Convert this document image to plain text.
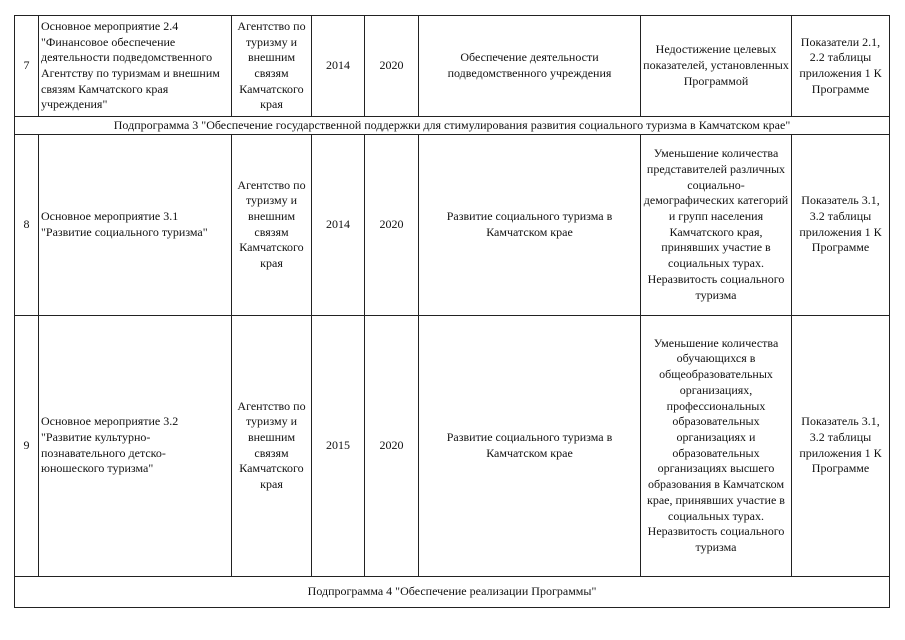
7	Основное мероприятие 2.4 "Финансовое обеспечение деятельности подведомственного Агентству по туризмам и внешним связям Камчатского края учреждения"	Агентство по туризму и внешним связям Камчатского края	2014	2020	Обеспечение деятельности подведомственного учреждения	Недостижение целевых показателей, установленных Программой	Показатели 2.1, 2.2 таблицы приложения 1 К Программе
Подпрограмма 3 "Обеспечение государственной поддержки для стимулирования развития социального туризма в Камчатском крае"							
8	Основное мероприятие 3.1 "Развитие социального туризма"	Агентство по туризму и внешним связям Камчатского края	2014	2020	Развитие социального туризма в Камчатском крае	Уменьшение количества представителей различных социально-демографических категорий и групп населения Камчатского края, принявших участие в социальных турах. Неразвитость социального туризма	Показатель 3.1, 3.2 таблицы приложения 1 К Программе
9	Основное мероприятие 3.2 "Развитие культурно-познавательного детско-юношеского туризма"	Агентство по туризму и внешним связям Камчатского края	2015	2020	Развитие социального туризма в Камчатском крае	Уменьшение количества обучающихся в общеобразовательных организациях, профессиональных образовательных организациях и образовательных организациях высшего образования в Камчатском крае, принявших участие в социальных турах. Неразвитость социального туризма	Показатель 3.1, 3.2 таблицы приложения 1 К Программе
Подпрограмма 4 "Обеспечение реализации Программы"							
